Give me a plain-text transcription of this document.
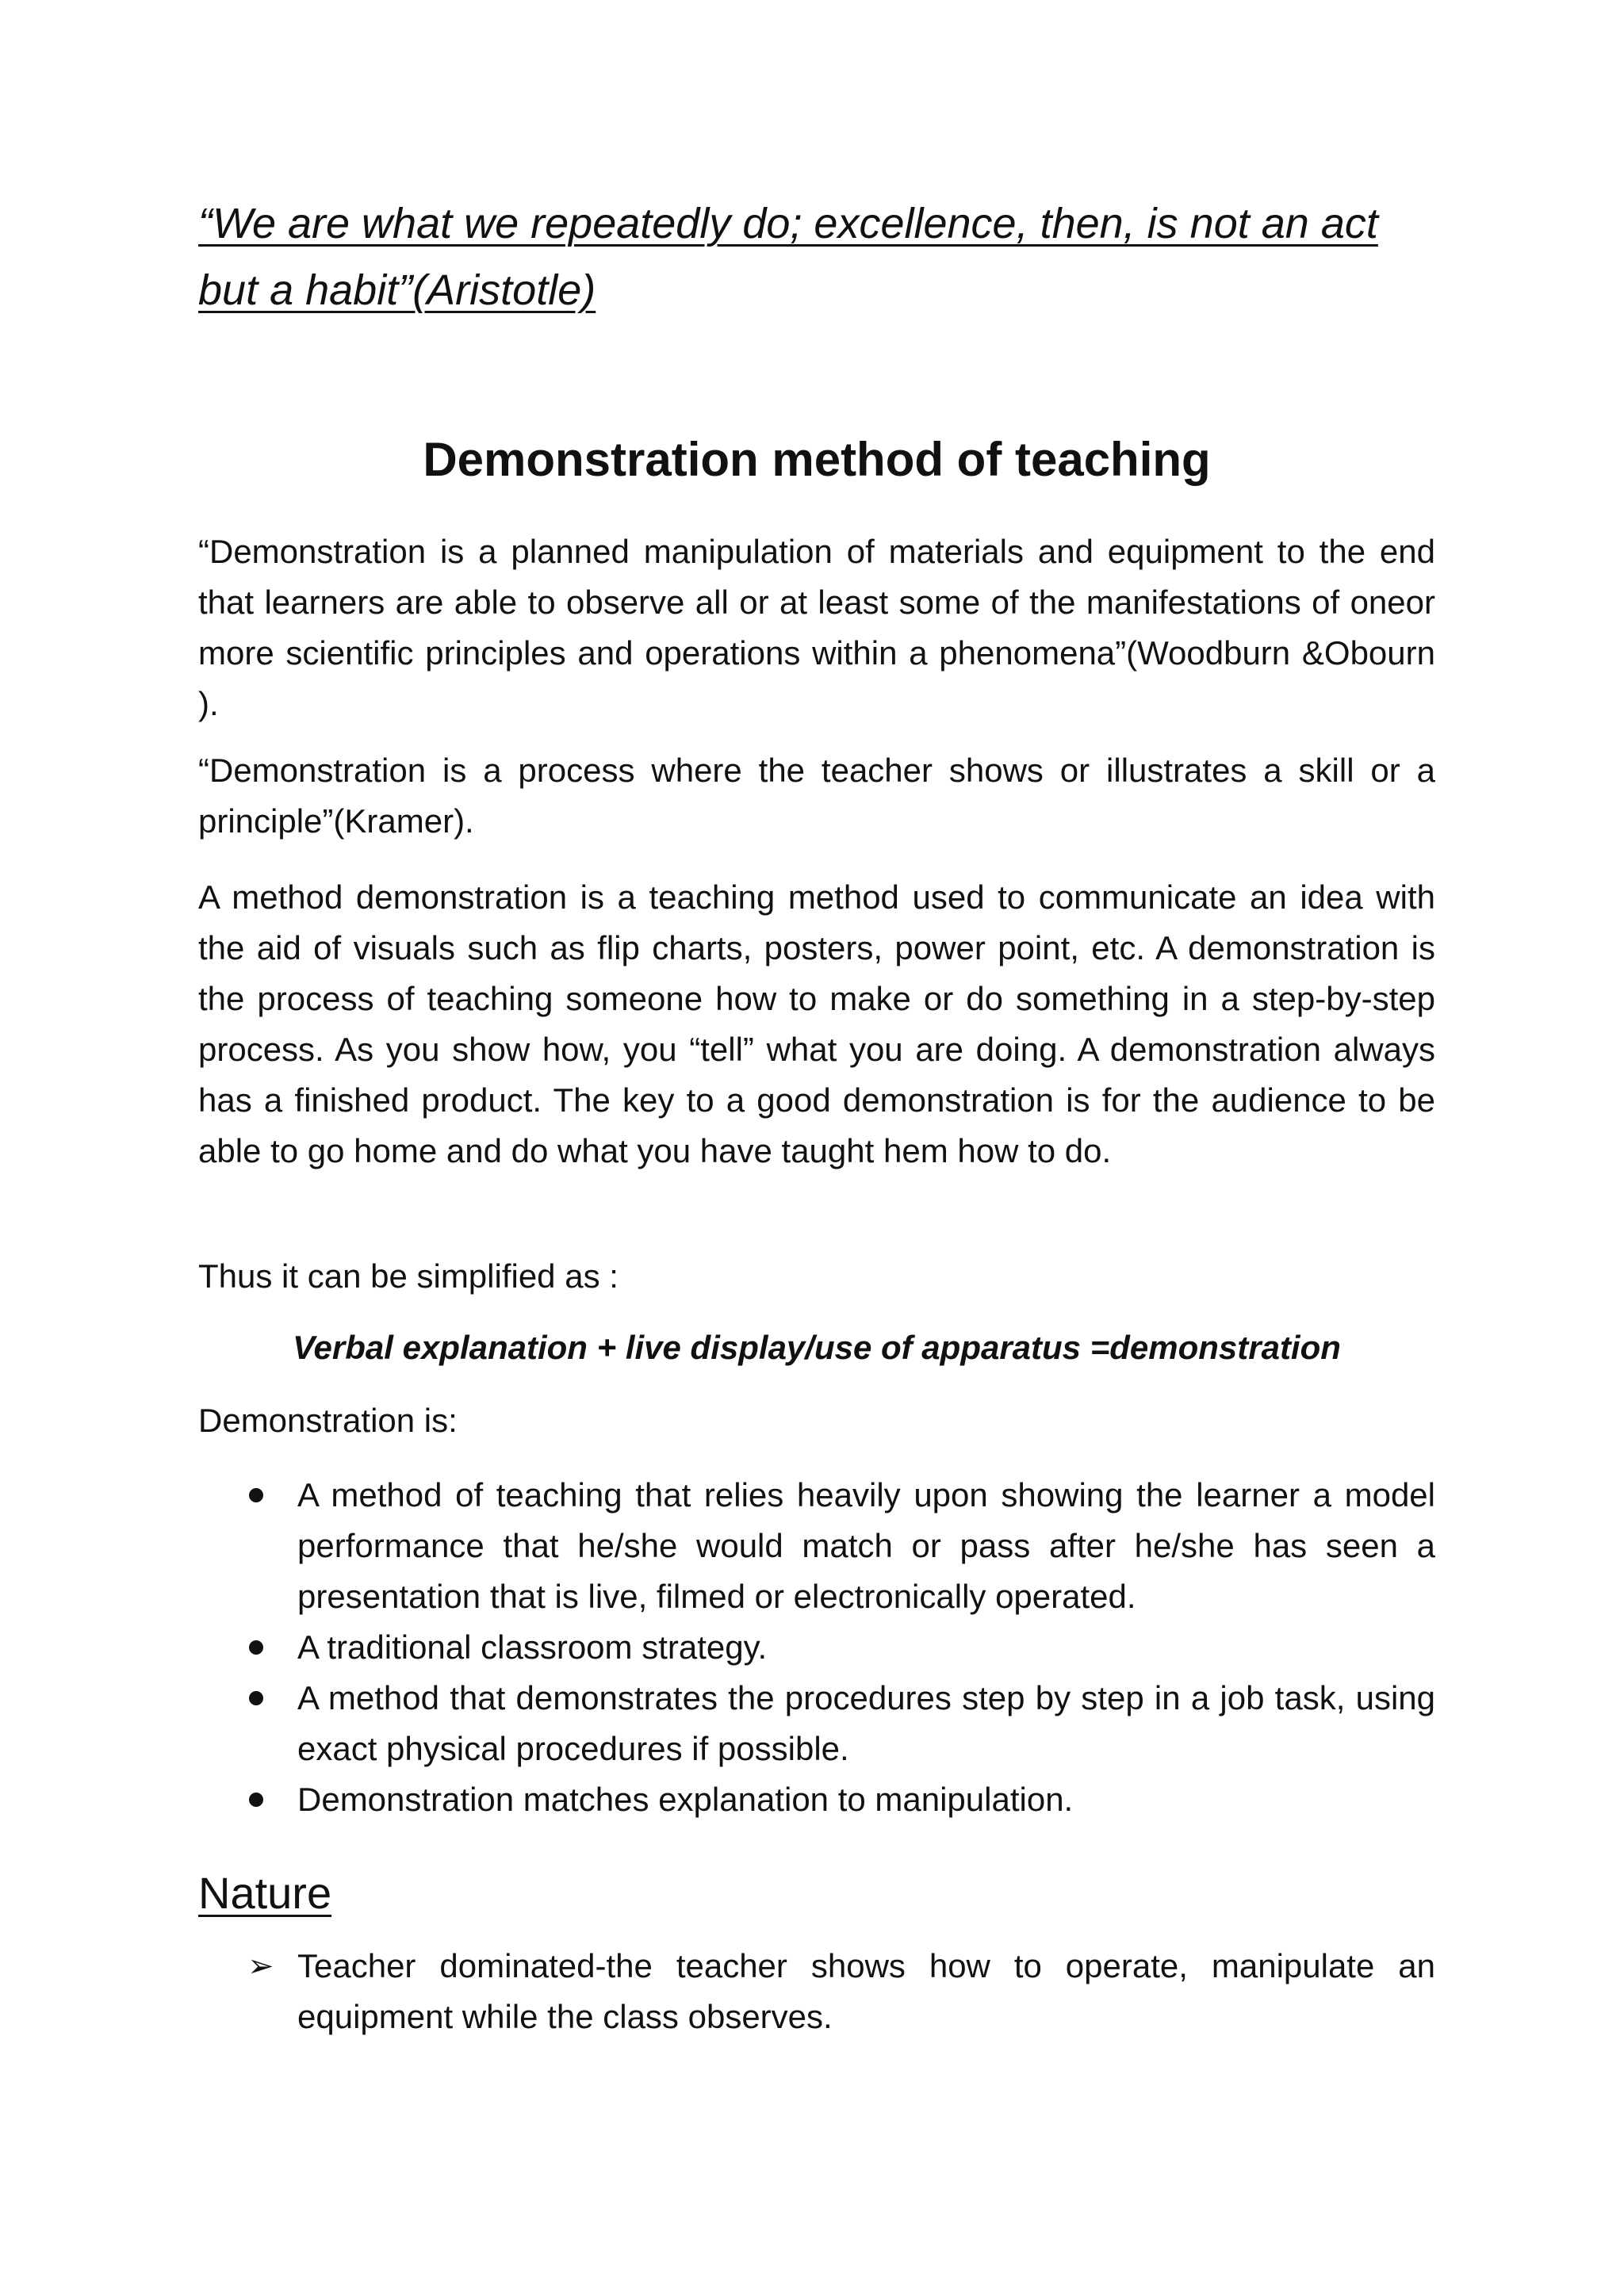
“We are what we repeatedly do; excellence, then, is not an act but a habit”(Aristotle)

Demonstration method of teaching

“Demonstration is a planned manipulation of materials and equipment to the end that learners are able to observe all or at least some of the manifestations of oneor more scientific principles and operations within a phenomena”(Woodburn &Obourn ).

“Demonstration is a process where the teacher shows or illustrates a skill or a principle”(Kramer).

A method demonstration is a teaching method used to communicate an idea with the aid of visuals such as flip charts, posters, power point, etc. A demonstration is the process of teaching someone how to make or do something in a step-by-step process. As you show how, you “tell” what you are doing. A demonstration always has a finished product. The key to a good demonstration is for the audience to be able to go home and do what you have taught hem how to do.

Thus it can be simplified as :

Verbal explanation + live display/use of apparatus =demonstration

Demonstration is:

A method of teaching that relies heavily upon showing the learner a model performance that he/she would match or pass after he/she has seen a presentation that is live, filmed or electronically operated.
A traditional classroom strategy.
A method that demonstrates the procedures step by step in a job task, using exact physical procedures if possible.
Demonstration matches explanation to manipulation.
Nature
➢ Teacher dominated-the teacher shows how to operate, manipulate an equipment while the class observes.
